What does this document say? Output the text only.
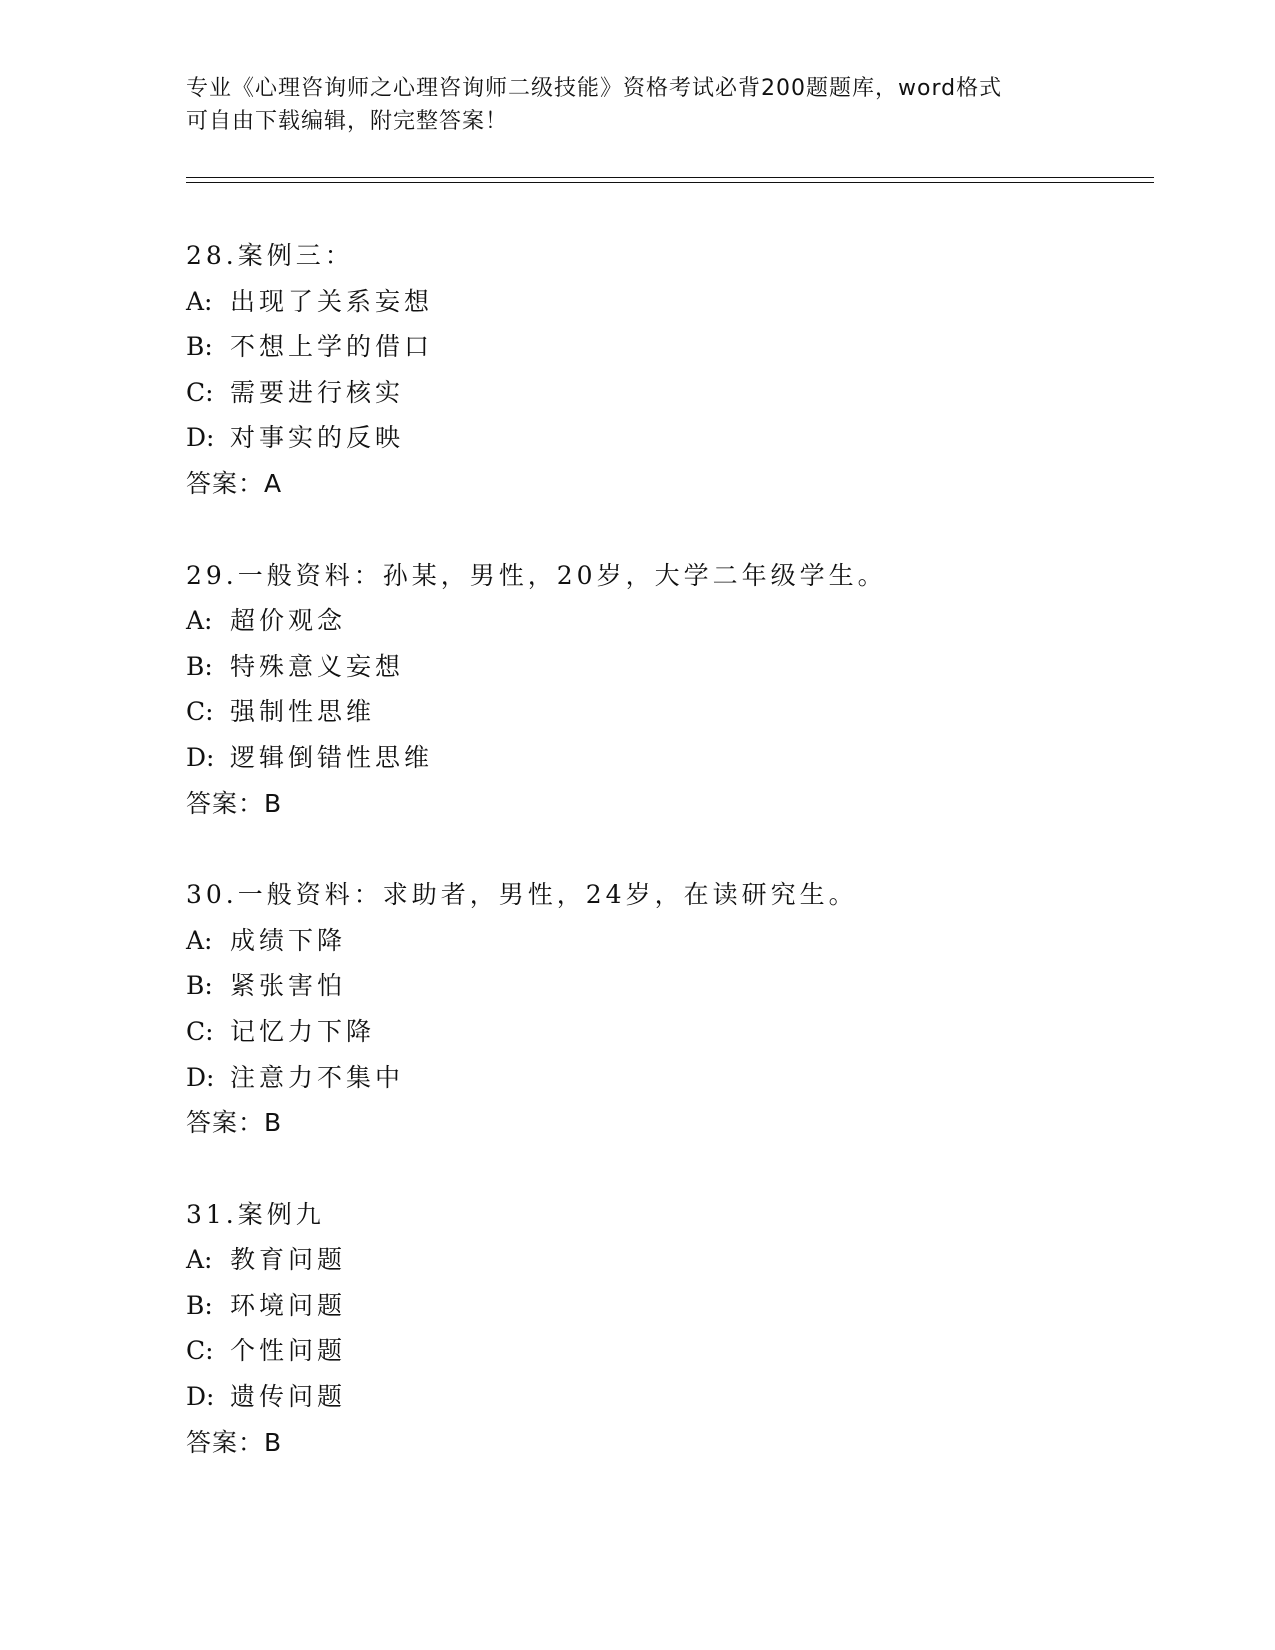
专业《心理咨询师之心理咨询师二级技能》资格考试必背200题题库，word格式
可自由下载编辑，附完整答案！
28.案例三：
A: 出现了关系妄想
B: 不想上学的借口
C: 需要进行核实
D: 对事实的反映
答案：A
29.一般资料：孙某，男性，20岁，大学二年级学生。
A: 超价观念
B: 特殊意义妄想
C: 强制性思维
D: 逻辑倒错性思维
答案：B
30.一般资料：求助者，男性，24岁，在读研究生。
A: 成绩下降
B: 紧张害怕
C: 记忆力下降
D: 注意力不集中
答案：B
31.案例九
A: 教育问题
B: 环境问题
C: 个性问题
D: 遗传问题
答案：B
